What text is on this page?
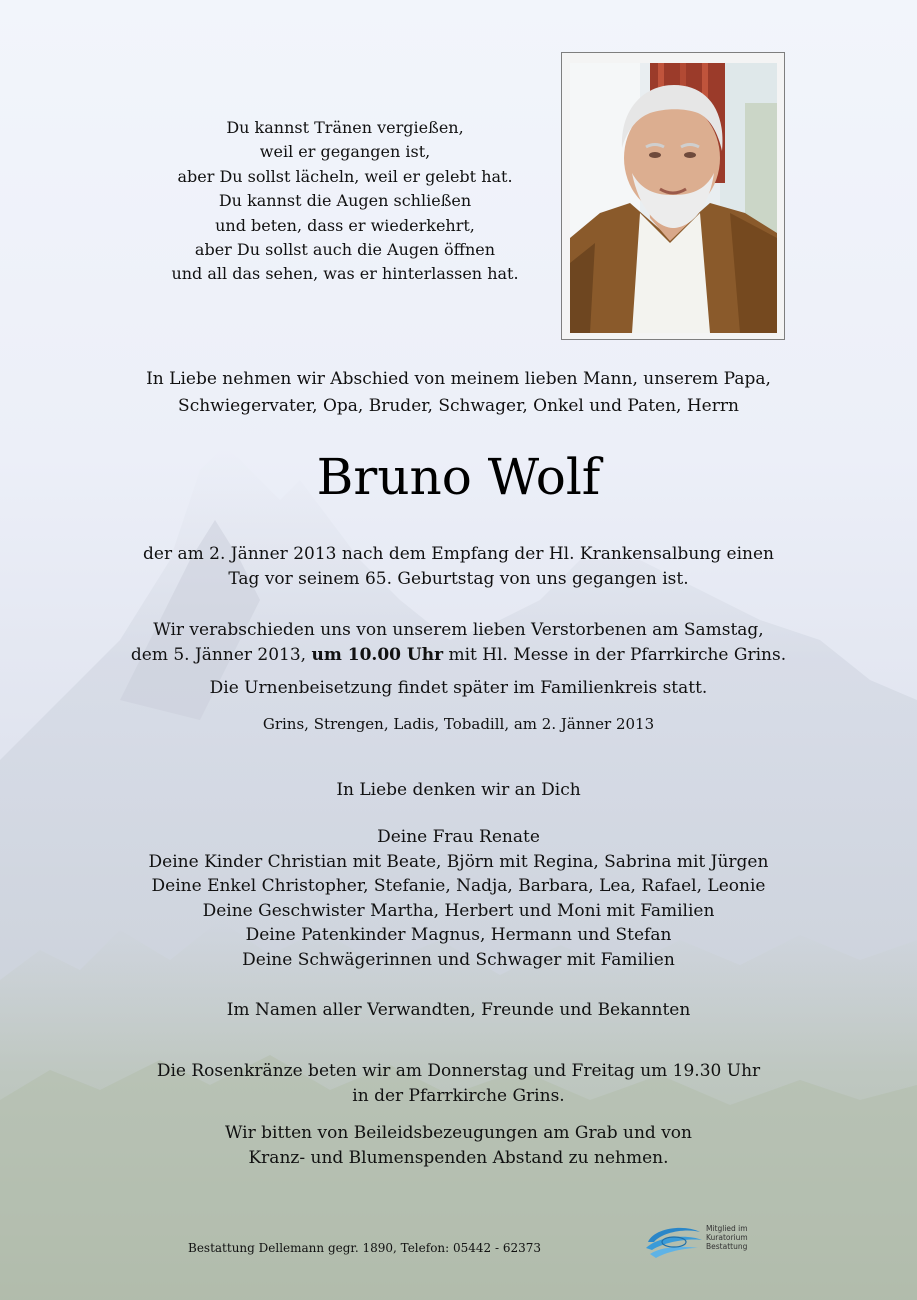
Du kannst Tränen vergießen,
weil er gegangen ist,
aber Du sollst lächeln, weil er gelebt hat.
Du kannst die Augen schließen
und beten, dass er wiederkehrt,
aber Du sollst auch die Augen öffnen
und all das sehen, was er hinterlassen hat.
In Liebe nehmen wir Abschied von meinem lieben Mann, unserem Papa,
Schwiegervater, Opa, Bruder, Schwager, Onkel und Paten, Herrn
Bruno Wolf
der am 2. Jänner 2013 nach dem Empfang der Hl. Krankensalbung einen
Tag vor seinem 65. Geburtstag von uns gegangen ist.
Wir verabschieden uns von unserem lieben Verstorbenen am Samstag,
dem 5. Jänner 2013, um 10.00 Uhr mit Hl. Messe in der Pfarrkirche Grins.
Die Urnenbeisetzung findet später im Familienkreis statt.
Grins, Strengen, Ladis, Tobadill, am 2. Jänner 2013
In Liebe denken wir an Dich
Deine Frau Renate
Deine Kinder Christian mit Beate, Björn mit Regina, Sabrina mit Jürgen
Deine Enkel Christopher, Stefanie, Nadja, Barbara, Lea, Rafael, Leonie
Deine Geschwister Martha, Herbert und Moni mit Familien
Deine Patenkinder Magnus, Hermann und Stefan
Deine Schwägerinnen und Schwager mit Familien
Im Namen aller Verwandten, Freunde und Bekannten
Die Rosenkränze beten wir am Donnerstag und Freitag um 19.30 Uhr
in der Pfarrkirche Grins.
Wir bitten von Beileidsbezeugungen am Grab und von
Kranz- und Blumenspenden Abstand zu nehmen.
Bestattung Dellemann gegr. 1890, Telefon: 05442 - 62373
Mitglied im
Kuratorium Bestattung
